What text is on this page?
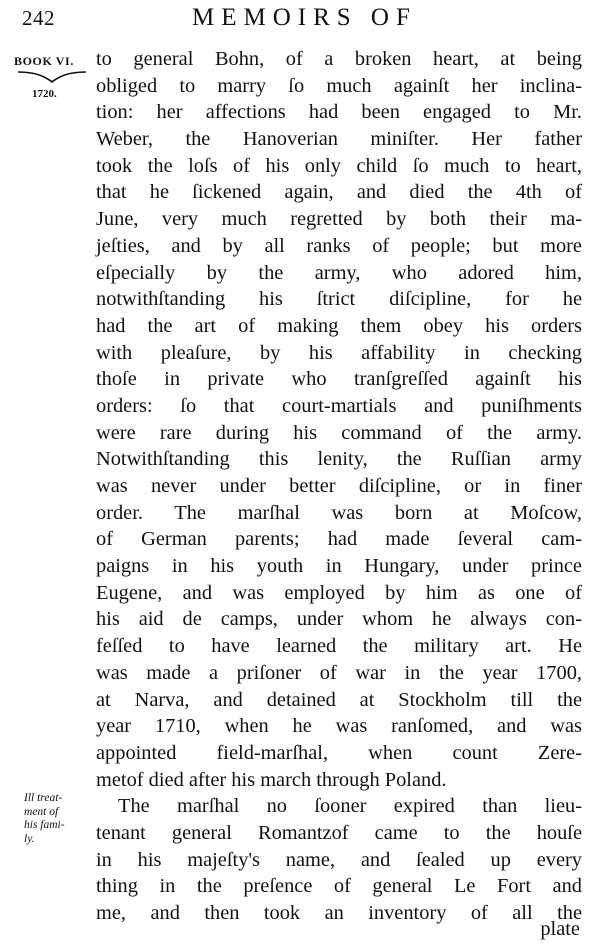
242	MEMOIRS OF
BOOK VI.
1720.
Ill treat-
ment of
his fami-
ly.
to general Bohn, of a broken heart, at being
obliged to marry ſo much againſt her inclina-
tion: her affections had been engaged to Mr.
Weber, the Hanoverian miniſter. Her father
took the loſs of his only child ſo much to heart,
that he ſickened again, and died the 4th of
June, very much regretted by both their ma-
jeſties, and by all ranks of people; but more
eſpecially by the army, who adored him,
notwithſtanding his ſtrict diſcipline, for he
had the art of making them obey his orders
with pleaſure, by his affability in checking
thoſe in private who tranſgreſſed againſt his
orders: ſo that court-martials and puniſhments
were rare during his command of the army.
Notwithſtanding this lenity, the Ruſſian army
was never under better diſcipline, or in finer
order. The marſhal was born at Moſcow,
of German parents; had made ſeveral cam-
paigns in his youth in Hungary, under prince
Eugene, and was employed by him as one of
his aid de camps, under whom he always con-
feſſed to have learned the military art. He
was made a priſoner of war in the year 1700,
at Narva, and detained at Stockholm till the
year 1710, when he was ranſomed, and was
appointed field-marſhal, when count Zere-
metof died after his march through Poland.
The marſhal no ſooner expired than lieu-
tenant general Romantzof came to the houſe
in his majeſty's name, and ſealed up every
thing in the preſence of general Le Fort and
me, and then took an inventory of all the
plate
